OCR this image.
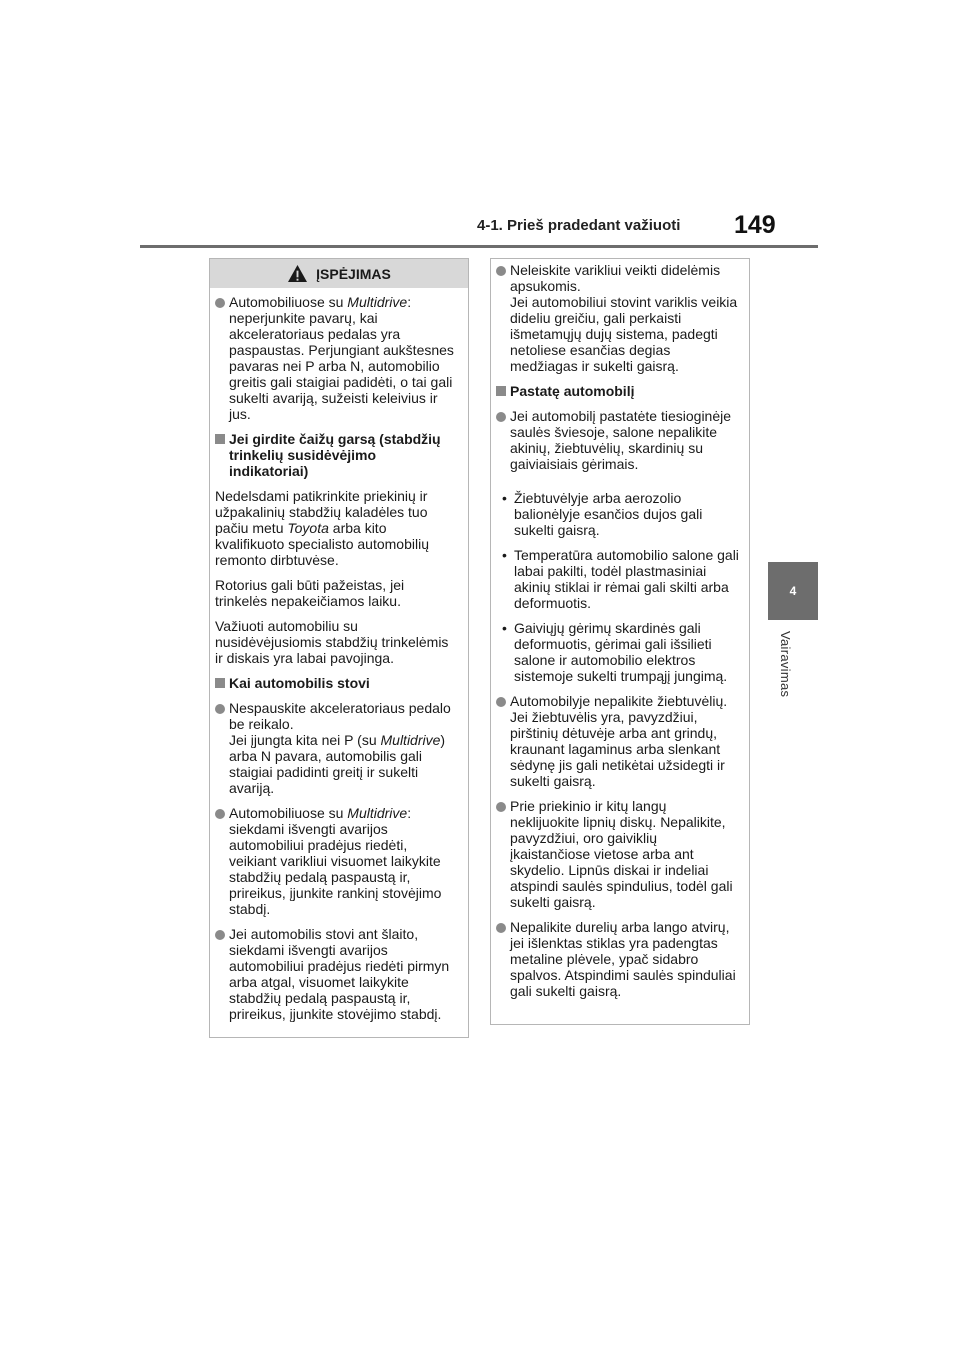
4-1. Prieš pradedant važiuoti 149
4
Vairavimas
ĮSPĖJIMAS
Automobiliuose su Multidrive: neperjunkite pavarų, kai akceleratoriaus pedalas yra paspaustas. Perjungiant aukštesnes pavaras nei P arba N, automobilio greitis gali staigiai padidėti, o tai gali sukelti avariją, sužeisti keleivius ir jus.
Jei girdite čaižų garsą (stabdžių trinkelių susidėvėjimo indikatoriai)
Nedelsdami patikrinkite priekinių ir užpakalinių stabdžių kaladėles tuo pačiu metu Toyota arba kito kvalifikuoto specialisto automobilių remonto dirbtuvėse.
Rotorius gali būti pažeistas, jei trinkelės nepakeičiamos laiku.
Važiuoti automobiliu su nusidėvėjusiomis stabdžių trinkelėmis ir diskais yra labai pavojinga.
Kai automobilis stovi
Nespauskite akceleratoriaus pedalo be reikalo.
Jei įjungta kita nei P (su Multidrive) arba N pavara, automobilis gali staigiai padidinti greitį ir sukelti avariją.
Automobiliuose su Multidrive: siekdami išvengti avarijos automobiliui pradėjus riedėti, veikiant varikliui visuomet laikykite stabdžių pedalą paspaustą ir, prireikus, įjunkite rankinį stovėjimo stabdį.
Jei automobilis stovi ant šlaito, siekdami išvengti avarijos automobiliui pradėjus riedėti pirmyn arba atgal, visuomet laikykite stabdžių pedalą paspaustą ir, prireikus, įjunkite stovėjimo stabdį.
Neleiskite varikliui veikti didelėmis apsukomis.
Jei automobiliui stovint variklis veikia dideliu greičiu, gali perkaisti išmetamųjų dujų sistema, padegti netoliese esančias degias medžiagas ir sukelti gaisrą.
Pastatę automobilį
Jei automobilį pastatėte tiesioginėje saulės šviesoje, salone nepalikite akinių, žiebtuvėlių, skardinių su gaiviaisiais gėrimais.
• Žiebtuvėlyje arba aerozolio balionėlyje esančios dujos gali sukelti gaisrą.
• Temperatūra automobilio salone gali labai pakilti, todėl plastmasiniai akinių stiklai ir rėmai gali skilti arba deformuotis.
• Gaiviųjų gėrimų skardinės gali deformuotis, gėrimai gali išsilieti salone ir automobilio elektros sistemoje sukelti trumpąjį jungimą.
Automobilyje nepalikite žiebtuvėlių.
Jei žiebtuvėlis yra, pavyzdžiui, pirštinių dėtuvėje arba ant grindų, kraunant lagaminus arba slenkant sėdynę jis gali netikėtai užsidegti ir sukelti gaisrą.
Prie priekinio ir kitų langų neklijuokite lipnių diskų. Nepalikite, pavyzdžiui, oro gaiviklių įkaistančiose vietose arba ant skydelio. Lipnūs diskai ir indeliai atspindi saulės spindulius, todėl gali sukelti gaisrą.
Nepalikite durelių arba lango atvirų, jei išlenktas stiklas yra padengtas metaline plėvele, ypač sidabro spalvos. Atspindimi saulės spinduliai gali sukelti gaisrą.
